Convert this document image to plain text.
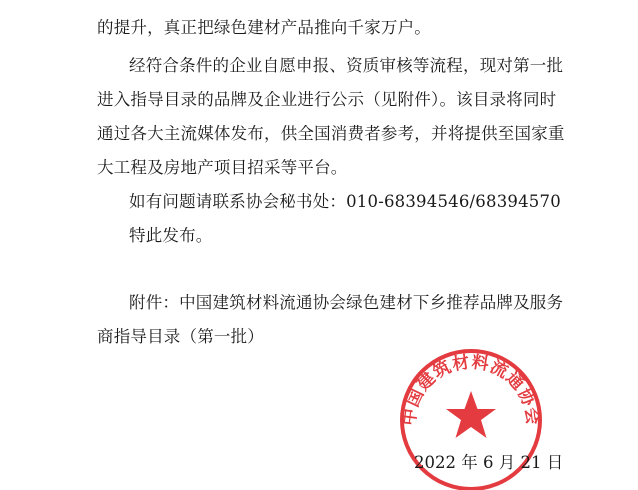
的提升，真正把绿色建材产品推向千家万户。
经符合条件的企业自愿申报、资质审核等流程，现对第一批
进入指导目录的品牌及企业进行公示（见附件）。该目录将同时
通过各大主流媒体发布，供全国消费者参考，并将提供至国家重
大工程及房地产项目招采等平台。
如有问题请联系协会秘书处：010-68394546/68394570
特此发布。
附件：中国建筑材料流通协会绿色建材下乡推荐品牌及服务
商指导目录（第一批）
中国建筑材料流通协会
2022 年 6 月 21 日
